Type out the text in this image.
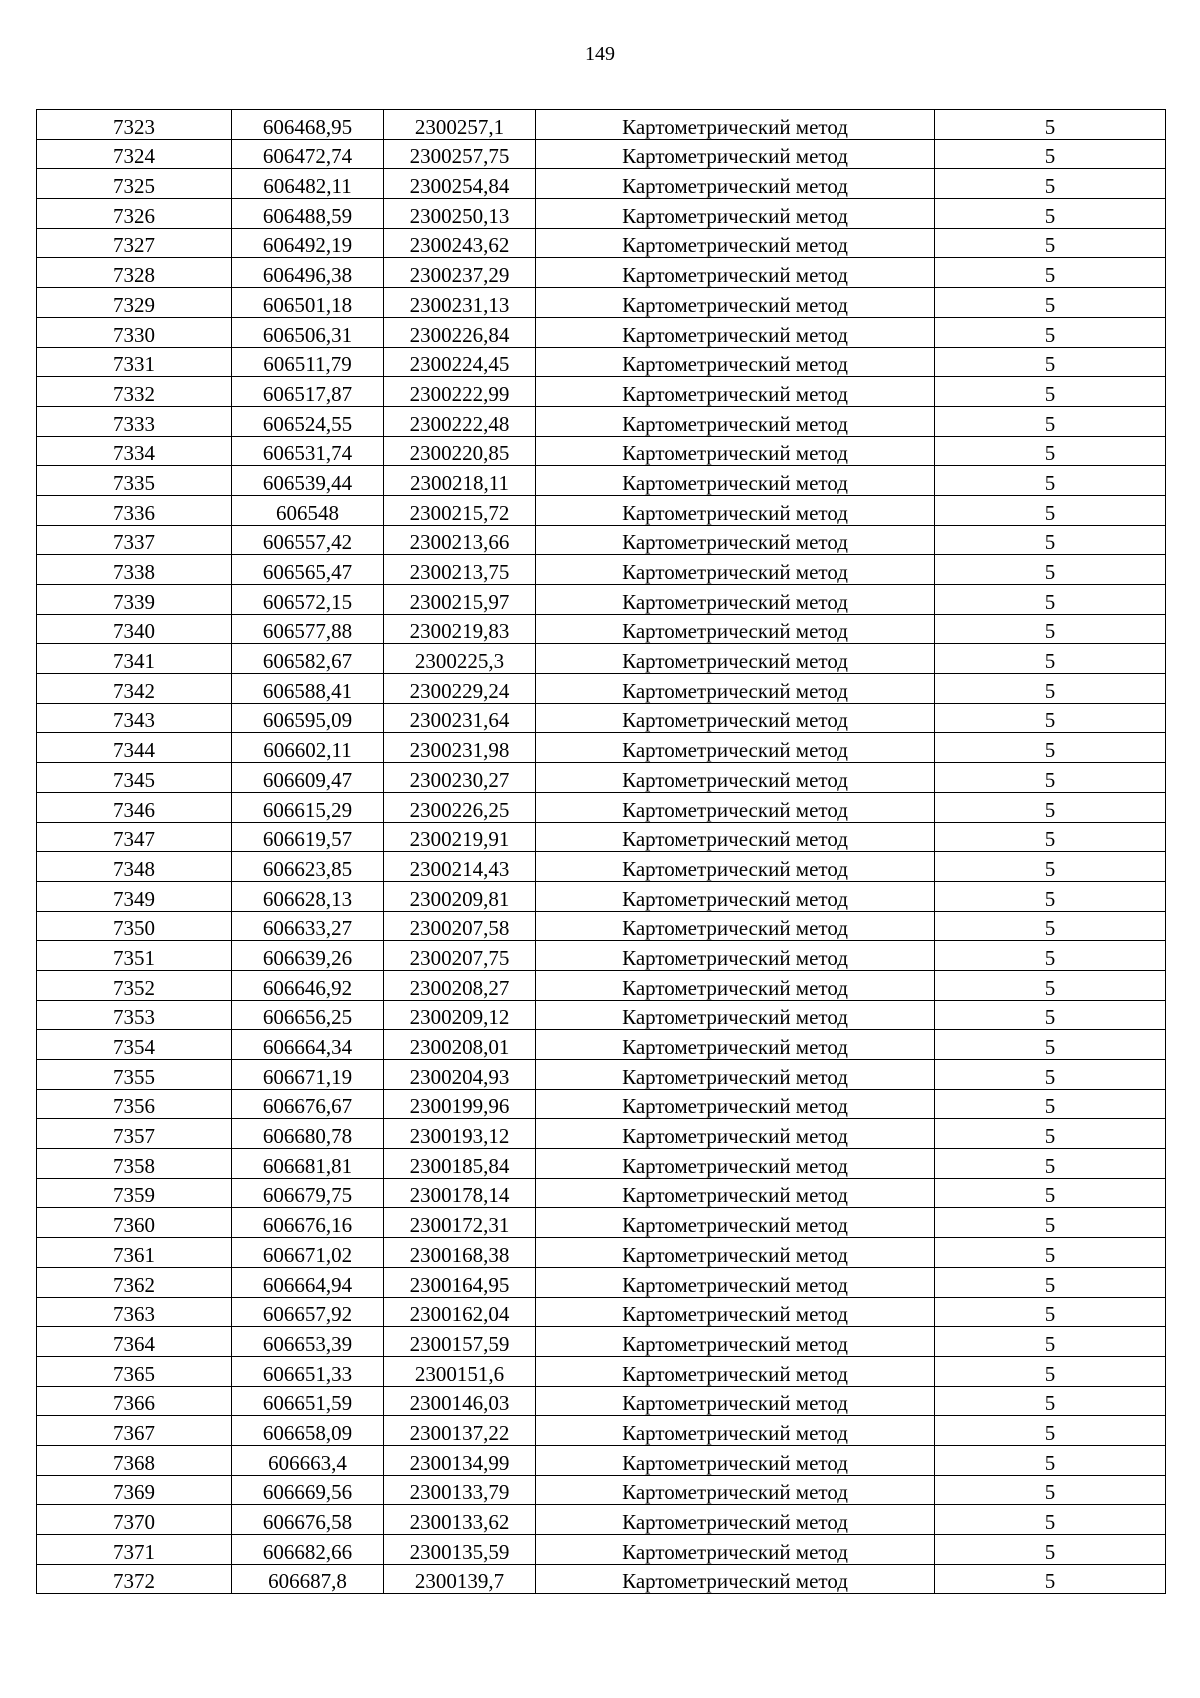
149
7323	606468,95	2300257,1	Картометрический метод	5
7324	606472,74	2300257,75	Картометрический метод	5
7325	606482,11	2300254,84	Картометрический метод	5
7326	606488,59	2300250,13	Картометрический метод	5
7327	606492,19	2300243,62	Картометрический метод	5
7328	606496,38	2300237,29	Картометрический метод	5
7329	606501,18	2300231,13	Картометрический метод	5
7330	606506,31	2300226,84	Картометрический метод	5
7331	606511,79	2300224,45	Картометрический метод	5
7332	606517,87	2300222,99	Картометрический метод	5
7333	606524,55	2300222,48	Картометрический метод	5
7334	606531,74	2300220,85	Картометрический метод	5
7335	606539,44	2300218,11	Картометрический метод	5
7336	606548	2300215,72	Картометрический метод	5
7337	606557,42	2300213,66	Картометрический метод	5
7338	606565,47	2300213,75	Картометрический метод	5
7339	606572,15	2300215,97	Картометрический метод	5
7340	606577,88	2300219,83	Картометрический метод	5
7341	606582,67	2300225,3	Картометрический метод	5
7342	606588,41	2300229,24	Картометрический метод	5
7343	606595,09	2300231,64	Картометрический метод	5
7344	606602,11	2300231,98	Картометрический метод	5
7345	606609,47	2300230,27	Картометрический метод	5
7346	606615,29	2300226,25	Картометрический метод	5
7347	606619,57	2300219,91	Картометрический метод	5
7348	606623,85	2300214,43	Картометрический метод	5
7349	606628,13	2300209,81	Картометрический метод	5
7350	606633,27	2300207,58	Картометрический метод	5
7351	606639,26	2300207,75	Картометрический метод	5
7352	606646,92	2300208,27	Картометрический метод	5
7353	606656,25	2300209,12	Картометрический метод	5
7354	606664,34	2300208,01	Картометрический метод	5
7355	606671,19	2300204,93	Картометрический метод	5
7356	606676,67	2300199,96	Картометрический метод	5
7357	606680,78	2300193,12	Картометрический метод	5
7358	606681,81	2300185,84	Картометрический метод	5
7359	606679,75	2300178,14	Картометрический метод	5
7360	606676,16	2300172,31	Картометрический метод	5
7361	606671,02	2300168,38	Картометрический метод	5
7362	606664,94	2300164,95	Картометрический метод	5
7363	606657,92	2300162,04	Картометрический метод	5
7364	606653,39	2300157,59	Картометрический метод	5
7365	606651,33	2300151,6	Картометрический метод	5
7366	606651,59	2300146,03	Картометрический метод	5
7367	606658,09	2300137,22	Картометрический метод	5
7368	606663,4	2300134,99	Картометрический метод	5
7369	606669,56	2300133,79	Картометрический метод	5
7370	606676,58	2300133,62	Картометрический метод	5
7371	606682,66	2300135,59	Картометрический метод	5
7372	606687,8	2300139,7	Картометрический метод	5
